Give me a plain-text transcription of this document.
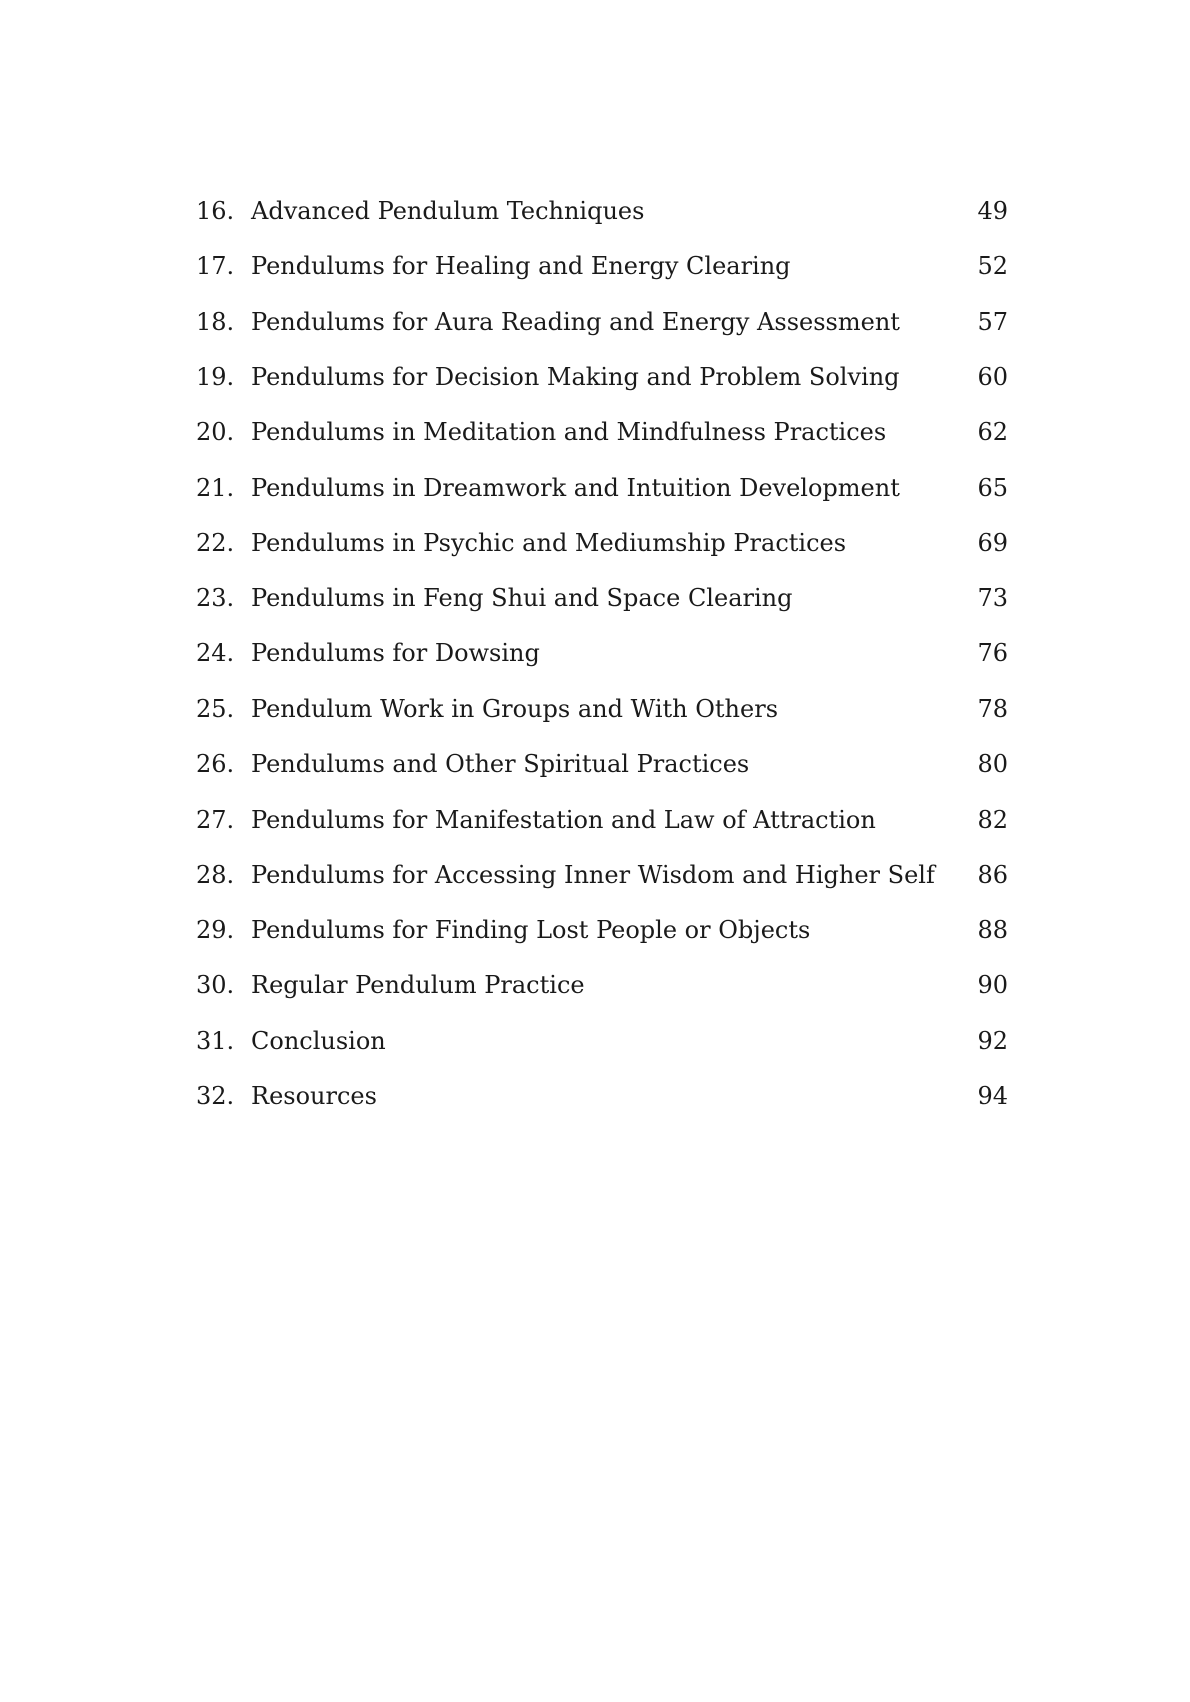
16. Advanced Pendulum Techniques	49
17. Pendulums for Healing and Energy Clearing	52
18. Pendulums for Aura Reading and Energy Assessment	57
19. Pendulums for Decision Making and Problem Solving	60
20. Pendulums in Meditation and Mindfulness Practices	62
21. Pendulums in Dreamwork and Intuition Development	65
22. Pendulums in Psychic and Mediumship Practices	69
23. Pendulums in Feng Shui and Space Clearing	73
24. Pendulums for Dowsing	76
25. Pendulum Work in Groups and With Others	78
26. Pendulums and Other Spiritual Practices	80
27. Pendulums for Manifestation and Law of Attraction	82
28. Pendulums for Accessing Inner Wisdom and Higher Self	86
29. Pendulums for Finding Lost People or Objects	88
30. Regular Pendulum Practice	90
31. Conclusion	92
32. Resources	94
